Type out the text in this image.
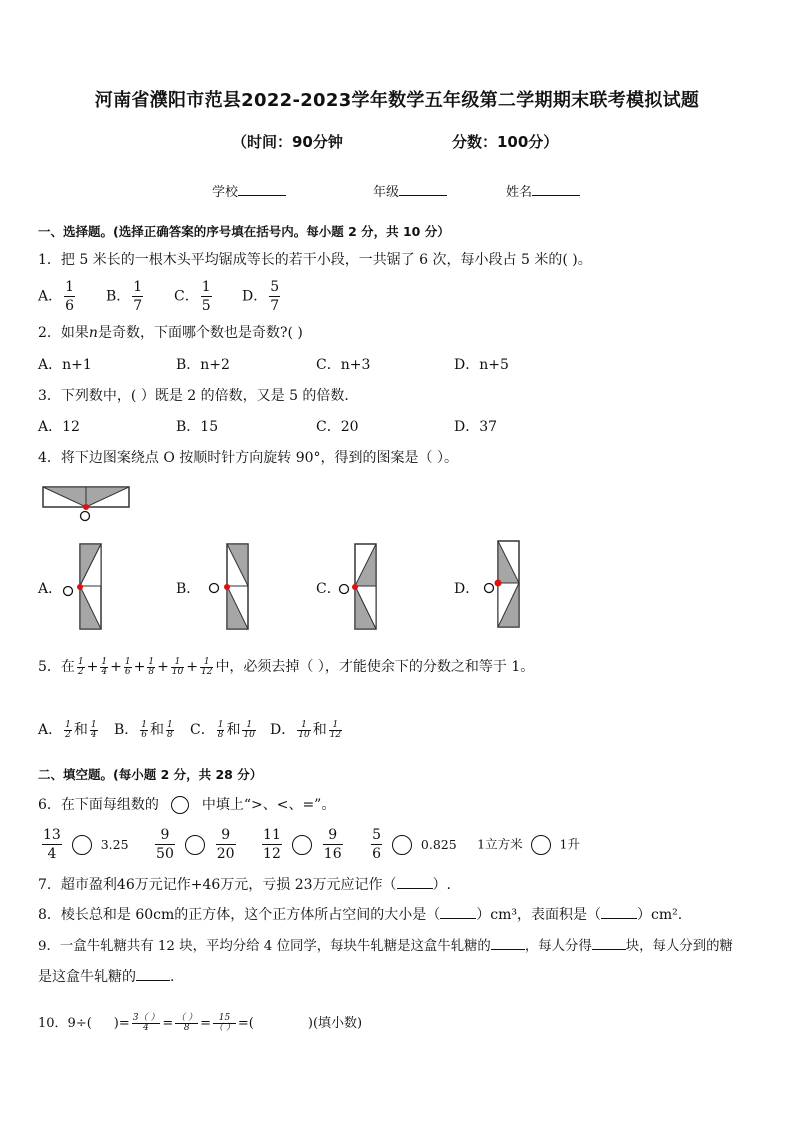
河南省濮阳市范县2022-2023学年数学五年级第二学期期末联考模拟试题
（时间：90分钟	分数：100分）
学校	年级	姓名
一、选择题。(选择正确答案的序号填在括号内。每小题 2 分，共 10 分）
1．把 5 米长的一根木头平均锯成等长的若干小段，一共锯了 6 次，每小段占 5 米的( )。
A． $\frac{1}{6}$ B． $\frac{1}{7}$ C． $\frac{1}{5}$ D． $\frac{5}{7}$
2．如果n是奇数，下面哪个数也是奇数?( )
A．n+1	B．n+2	C．n+3	D．n+5
3．下列数中，( ）既是 2 的倍数，又是 5 的倍数．
A．12	B．15	C．20	D．37
4．将下边图案绕点 O 按顺时针方向旋转 90°，得到的图案是（ ）。
A．	B．	C．	D．
5．在 $\frac{1}{2} + \frac{1}{4} + \frac{1}{6} + \frac{1}{8} + \frac{1}{10} + \frac{1}{12}$ 中，必须去掉（ ），才能使余下的分数之和等于 1。
A． $\frac{1}{2}$ 和 $\frac{1}{4}$ B． $\frac{1}{6}$ 和 $\frac{1}{8}$ C． $\frac{1}{8}$ 和 $\frac{1}{10}$ D． $\frac{1}{10}$ 和 $\frac{1}{12}$
二、填空题。(每小题 2 分，共 28 分）
6．在下面每组数的	中填上“>、<、=”。
$\frac{13}{4}$	$3.25 \frac{9}{50}$
	$\frac{9}{20}$
$\frac{11}{12}$
	$\frac{9}{16}$
$\frac{5}{6}$	0.825 1立方米	1升
7．超市盈利46万元记作+46万元，亏损 23万元应记作（	）.
8．棱长总和是 60cm的正方体，这个正方体所占空间的大小是（	）cm³，表面积是（	）cm².
9．一盒牛轧糖共有 12 块，平均分给 4 位同学，每块牛轧糖是这盒牛轧糖的	，每人分得	块，每人分到的糖
是这盒牛轧糖的 .
10．9÷( )= $\frac{3( )}{4} = \frac{( )}{8} = \frac{15}{( )}$ =(	)(填小数)
